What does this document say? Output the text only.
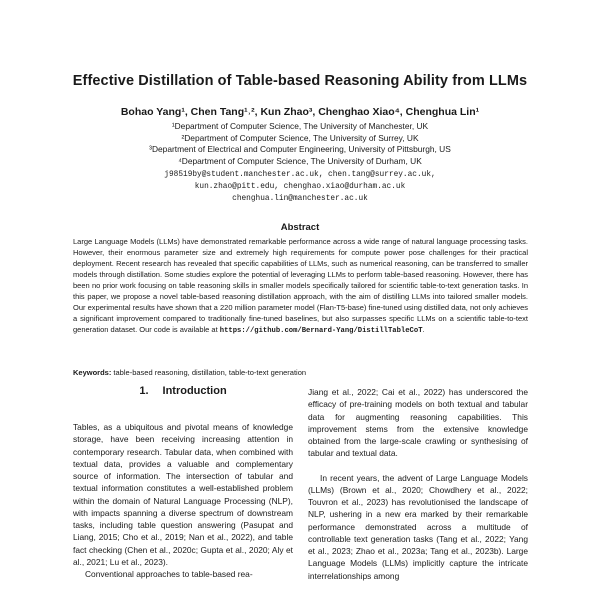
Effective Distillation of Table-based Reasoning Ability from LLMs
Bohao Yang¹, Chen Tang¹˒², Kun Zhao³, Chenghao Xiao⁴, Chenghua Lin¹
¹Department of Computer Science, The University of Manchester, UK
²Department of Computer Science, The University of Surrey, UK
³Department of Electrical and Computer Engineering, University of Pittsburgh, US
⁴Department of Computer Science, The University of Durham, UK
j98519by@student.manchester.ac.uk, chen.tang@surrey.ac.uk,
kun.zhao@pitt.edu, chenghao.xiao@durham.ac.uk
chenghua.lin@manchester.ac.uk
Abstract
Large Language Models (LLMs) have demonstrated remarkable performance across a wide range of natural language processing tasks. However, their enormous parameter size and extremely high requirements for compute power pose challenges for their practical deployment. Recent research has revealed that specific capabilities of LLMs, such as numerical reasoning, can be transferred to smaller models through distillation. Some studies explore the potential of leveraging LLMs to perform table-based reasoning. However, there has been no prior work focusing on table reasoning skills in smaller models specifically tailored for scientific table-to-text generation tasks. In this paper, we propose a novel table-based reasoning distillation approach, with the aim of distilling LLMs into tailored smaller models. Our experimental results have shown that a 220 million parameter model (Flan-T5-base) fine-tuned using distilled data, not only achieves a significant improvement compared to traditionally fine-tuned baselines, but also surpasses specific LLMs on a scientific table-to-text generation dataset. Our code is available at https://github.com/Bernard-Yang/DistillTableCoT.
Keywords: table-based reasoning, distillation, table-to-text generation
1. Introduction

Tables, as a ubiquitous and pivotal means of knowledge storage, have been receiving increasing attention in contemporary research. Tabular data, when combined with textual data, provides a valuable and complementary source of information. The intersection of tabular and textual information constitutes a well-established problem within the domain of Natural Language Processing (NLP), with impacts spanning a diverse spectrum of downstream tasks, including table question answering (Pasupat and Liang, 2015; Cho et al., 2019; Nan et al., 2022), and table fact checking (Chen et al., 2020c; Gupta et al., 2020; Aly et al., 2021; Lu et al., 2023).

Conventional approaches to table-based rea-

Jiang et al., 2022; Cai et al., 2022) has underscored the efficacy of pre-training models on both textual and tabular data for augmenting reasoning capabilities. This improvement stems from the extensive knowledge obtained from the large-scale crawling or synthesising of tabular and textual data.

In recent years, the advent of Large Language Models (LLMs) (Brown et al., 2020; Chowdhery et al., 2022; Touvron et al., 2023) has revolutionised the landscape of NLP, ushering in a new era marked by their remarkable performance demonstrated across a multitude of controllable text generation tasks (Tang et al., 2022; Yang et al., 2023; Zhao et al., 2023a; Tang et al., 2023b). Large Language Models (LLMs) implicitly capture the intricate interrelationships among
